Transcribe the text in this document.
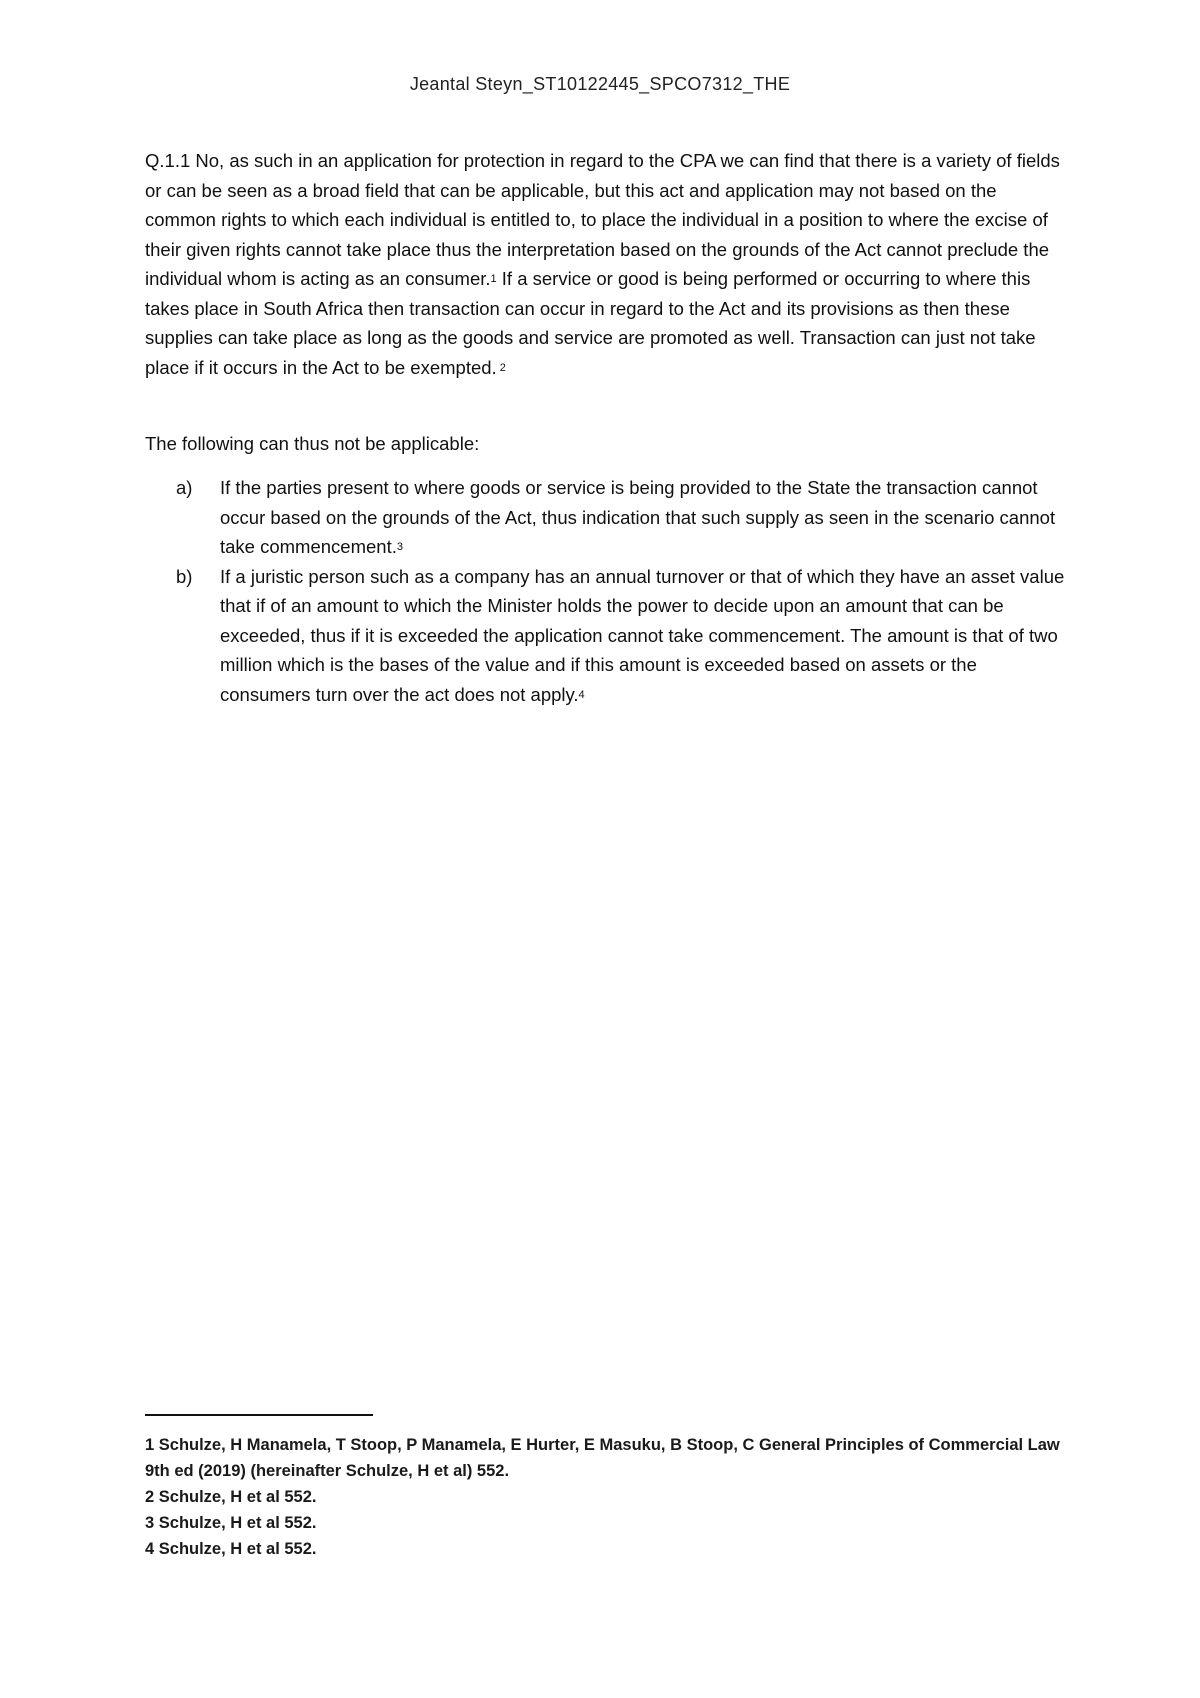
Jeantal Steyn_ST10122445_SPCO7312_THE
Q.1.1 No, as such in an application for protection in regard to the CPA we can find that there is a variety of fields or can be seen as a broad field that can be applicable, but this act and application may not based on the common rights to which each individual is entitled to, to place the individual in a position to where the excise of their given rights cannot take place thus the interpretation based on the grounds of the Act cannot preclude the individual whom is acting as an consumer.$^1$ If a service or good is being performed or occurring to where this takes place in South Africa then transaction can occur in regard to the Act and its provisions as then these supplies can take place as long as the goods and service are promoted as well. Transaction can just not take place if it occurs in the Act to be exempted. $^2$
The following can thus not be applicable:
a) If the parties present to where goods or service is being provided to the State the transaction cannot occur based on the grounds of the Act, thus indication that such supply as seen in the scenario cannot take commencement.$^3$
b) If a juristic person such as a company has an annual turnover or that of which they have an asset value that if of an amount to which the Minister holds the power to decide upon an amount that can be exceeded, thus if it is exceeded the application cannot take commencement. The amount is that of two million which is the bases of the value and if this amount is exceeded based on assets or the consumers turn over the act does not apply.$^4$

1 Schulze, H Manamela, T Stoop, P Manamela, E Hurter, E Masuku, B Stoop, C General Principles of Commercial Law 9th ed (2019) (hereinafter Schulze, H et al) 552.

2 Schulze, H et al 552.

3 Schulze, H et al 552.

4 Schulze, H et al 552.
